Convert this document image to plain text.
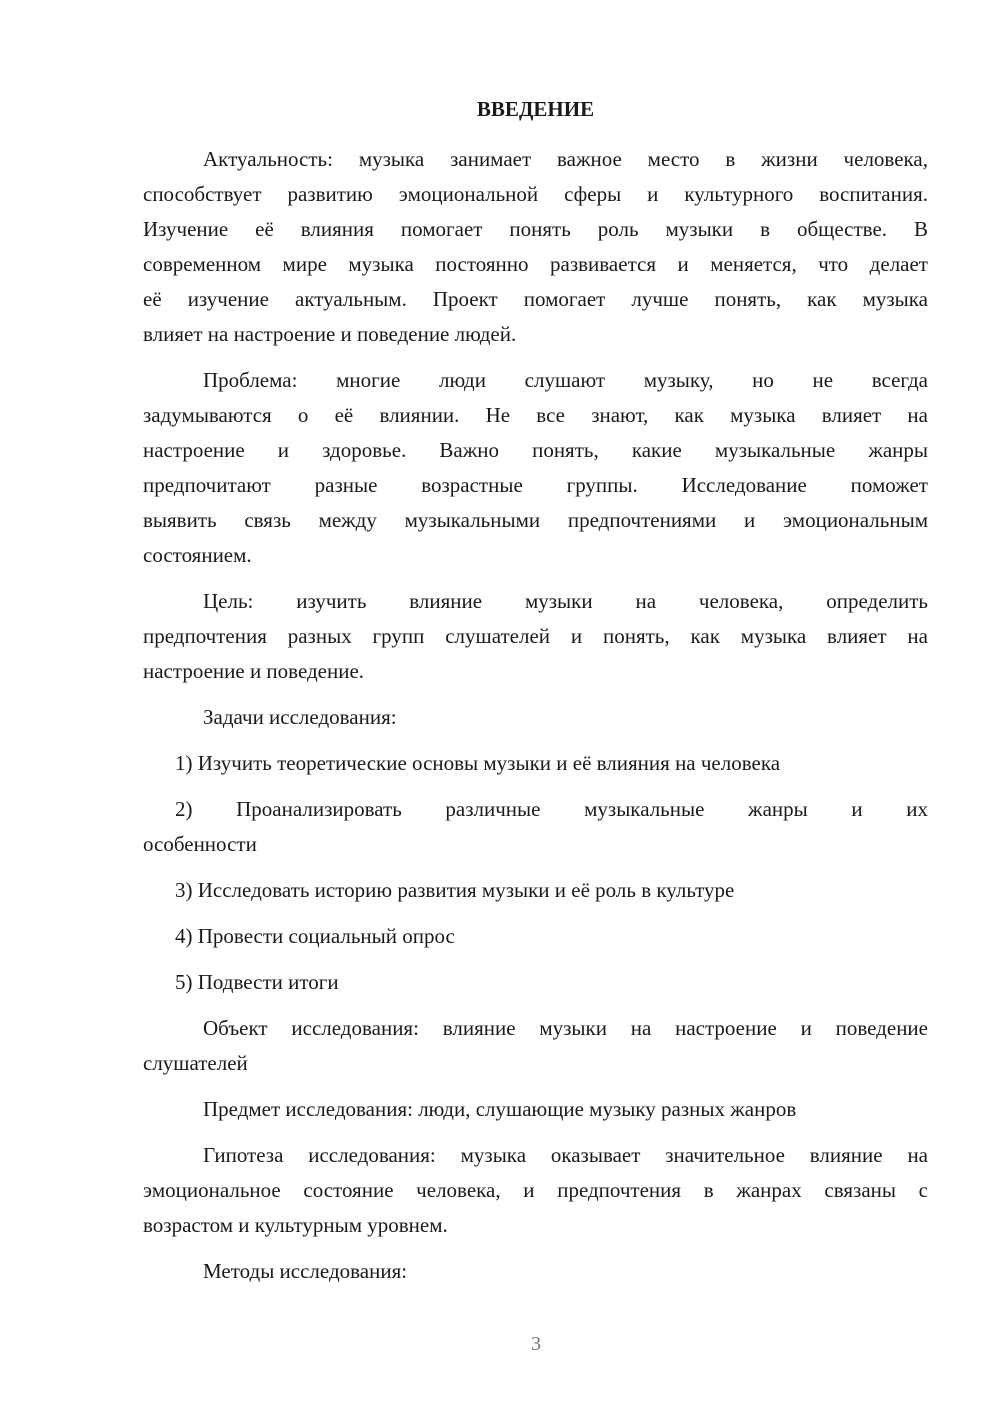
ВВЕДЕНИЕ
Актуальность: музыка занимает важное место в жизни человека,
способствует развитию эмоциональной сферы и культурного воспитания.
Изучение её влияния помогает понять роль музыки в обществе. В
современном мире музыка постоянно развивается и меняется, что делает
её изучение актуальным. Проект помогает лучше понять, как музыка
влияет на настроение и поведение людей.
Проблема: многие люди слушают музыку, но не всегда
задумываются о её влиянии. Не все знают, как музыка влияет на
настроение и здоровье. Важно понять, какие музыкальные жанры
предпочитают разные возрастные группы. Исследование поможет
выявить связь между музыкальными предпочтениями и эмоциональным
состоянием.
Цель: изучить влияние музыки на человека, определить
предпочтения разных групп слушателей и понять, как музыка влияет на
настроение и поведение.
Задачи исследования:
1) Изучить теоретические основы музыки и её влияния на человека
2) Проанализировать различные музыкальные жанры и их
особенности
3) Исследовать историю развития музыки и её роль в культуре
4) Провести социальный опрос
5) Подвести итоги
Объект исследования: влияние музыки на настроение и поведение
слушателей
Предмет исследования: люди, слушающие музыку разных жанров
Гипотеза исследования: музыка оказывает значительное влияние на
эмоциональное состояние человека, и предпочтения в жанрах связаны с
возрастом и культурным уровнем.
Методы исследования:
3
